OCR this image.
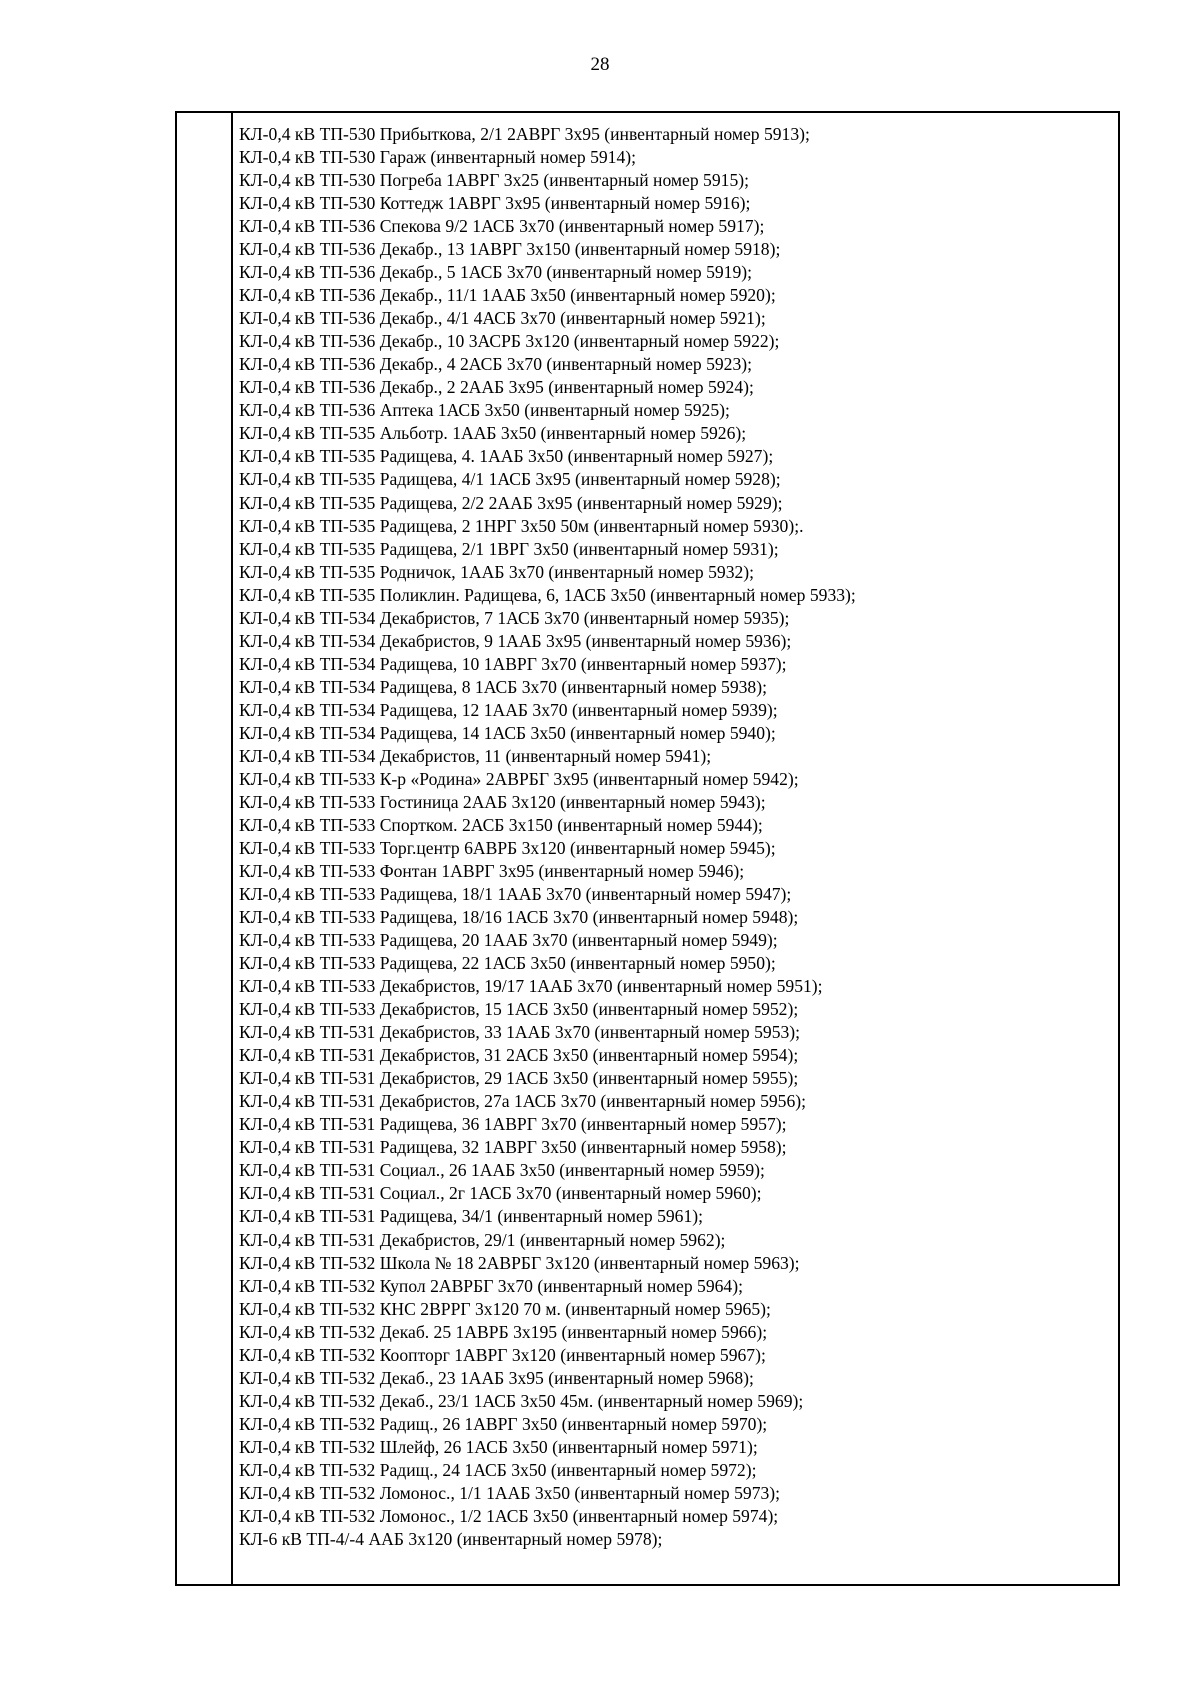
28
КЛ-0,4 кВ ТП-530 Прибыткова, 2/1 2АВРГ 3х95 (инвентарный номер 5913);
КЛ-0,4 кВ ТП-530 Гараж (инвентарный номер 5914);
КЛ-0,4 кВ ТП-530 Погреба 1АВРГ 3х25 (инвентарный номер 5915);
КЛ-0,4 кВ ТП-530 Коттедж 1АВРГ 3х95 (инвентарный номер 5916);
КЛ-0,4 кВ ТП-536 Спекова 9/2 1АСБ 3х70 (инвентарный номер 5917);
КЛ-0,4 кВ ТП-536 Декабр., 13 1АВРГ 3х150 (инвентарный номер 5918);
КЛ-0,4 кВ ТП-536 Декабр., 5 1АСБ 3х70 (инвентарный номер 5919);
КЛ-0,4 кВ ТП-536 Декабр., 11/1 1ААБ 3х50 (инвентарный номер 5920);
КЛ-0,4 кВ ТП-536 Декабр., 4/1 4АСБ 3х70 (инвентарный номер 5921);
КЛ-0,4 кВ ТП-536 Декабр., 10 3АСРБ 3х120 (инвентарный номер 5922);
КЛ-0,4 кВ ТП-536 Декабр., 4 2АСБ 3х70 (инвентарный номер 5923);
КЛ-0,4 кВ ТП-536 Декабр., 2 2ААБ 3х95 (инвентарный номер 5924);
КЛ-0,4 кВ ТП-536 Аптека 1АСБ 3х50 (инвентарный номер 5925);
КЛ-0,4 кВ ТП-535 Альботр. 1ААБ 3х50 (инвентарный номер 5926);
КЛ-0,4 кВ ТП-535 Радищева, 4. 1ААБ 3х50 (инвентарный номер 5927);
КЛ-0,4 кВ ТП-535 Радищева, 4/1 1АСБ 3х95 (инвентарный номер 5928);
КЛ-0,4 кВ ТП-535 Радищева, 2/2 2ААБ 3х95 (инвентарный номер 5929);
КЛ-0,4 кВ ТП-535 Радищева, 2 1НРГ 3х50 50м (инвентарный номер 5930);.
КЛ-0,4 кВ ТП-535 Радищева, 2/1 1ВРГ 3х50 (инвентарный номер 5931);
КЛ-0,4 кВ ТП-535 Родничок, 1ААБ 3х70 (инвентарный номер 5932);
КЛ-0,4 кВ ТП-535 Поликлин. Радищева, 6, 1АСБ 3х50 (инвентарный номер 5933);
КЛ-0,4 кВ ТП-534 Декабристов, 7 1АСБ 3х70 (инвентарный номер 5935);
КЛ-0,4 кВ ТП-534 Декабристов, 9 1ААБ 3х95 (инвентарный номер 5936);
КЛ-0,4 кВ ТП-534 Радищева, 10 1АВРГ 3х70 (инвентарный номер 5937);
КЛ-0,4 кВ ТП-534 Радищева, 8 1АСБ 3х70 (инвентарный номер 5938);
КЛ-0,4 кВ ТП-534 Радищева, 12 1ААБ 3х70 (инвентарный номер 5939);
КЛ-0,4 кВ ТП-534 Радищева, 14 1АСБ 3х50 (инвентарный номер 5940);
КЛ-0,4 кВ ТП-534 Декабристов, 11 (инвентарный номер 5941);
КЛ-0,4 кВ ТП-533 К-р «Родина» 2АВРБГ 3х95 (инвентарный номер 5942);
КЛ-0,4 кВ ТП-533 Гостиница 2ААБ 3х120 (инвентарный номер 5943);
КЛ-0,4 кВ ТП-533 Спортком. 2АСБ 3х150 (инвентарный номер 5944);
КЛ-0,4 кВ ТП-533 Торг.центр 6АВРБ 3х120 (инвентарный номер 5945);
КЛ-0,4 кВ ТП-533 Фонтан 1АВРГ 3х95 (инвентарный номер 5946);
КЛ-0,4 кВ ТП-533 Радищева, 18/1 1ААБ 3х70 (инвентарный номер 5947);
КЛ-0,4 кВ ТП-533 Радищева, 18/16 1АСБ 3х70 (инвентарный номер 5948);
КЛ-0,4 кВ ТП-533 Радищева, 20 1ААБ 3х70 (инвентарный номер 5949);
КЛ-0,4 кВ ТП-533 Радищева, 22 1АСБ 3х50 (инвентарный номер 5950);
КЛ-0,4 кВ ТП-533 Декабристов, 19/17 1ААБ 3х70 (инвентарный номер 5951);
КЛ-0,4 кВ ТП-533 Декабристов, 15 1АСБ 3х50 (инвентарный номер 5952);
КЛ-0,4 кВ ТП-531 Декабристов, 33 1ААБ 3х70 (инвентарный номер 5953);
КЛ-0,4 кВ ТП-531 Декабристов, 31 2АСБ 3х50 (инвентарный номер 5954);
КЛ-0,4 кВ ТП-531 Декабристов, 29 1АСБ 3х50 (инвентарный номер 5955);
КЛ-0,4 кВ ТП-531 Декабристов, 27а 1АСБ 3х70 (инвентарный номер 5956);
КЛ-0,4 кВ ТП-531 Радищева, 36 1АВРГ 3х70 (инвентарный номер 5957);
КЛ-0,4 кВ ТП-531 Радищева, 32 1АВРГ 3х50 (инвентарный номер 5958);
КЛ-0,4 кВ ТП-531 Социал., 26 1ААБ 3х50 (инвентарный номер 5959);
КЛ-0,4 кВ ТП-531 Социал., 2г 1АСБ 3х70 (инвентарный номер 5960);
КЛ-0,4 кВ ТП-531 Радищева, 34/1 (инвентарный номер 5961);
КЛ-0,4 кВ ТП-531 Декабристов, 29/1 (инвентарный номер 5962);
КЛ-0,4 кВ ТП-532 Школа № 18 2АВРБГ 3х120 (инвентарный номер 5963);
КЛ-0,4 кВ ТП-532 Купол 2АВРБГ 3х70 (инвентарный номер 5964);
КЛ-0,4 кВ ТП-532 КНС 2ВРРГ 3х120 70 м. (инвентарный номер 5965);
КЛ-0,4 кВ ТП-532 Декаб. 25 1АВРБ 3х195 (инвентарный номер 5966);
КЛ-0,4 кВ ТП-532 Коопторг 1АВРГ 3х120 (инвентарный номер 5967);
КЛ-0,4 кВ ТП-532 Декаб., 23 1ААБ 3х95 (инвентарный номер 5968);
КЛ-0,4 кВ ТП-532 Декаб., 23/1 1АСБ 3х50 45м. (инвентарный номер 5969);
КЛ-0,4 кВ ТП-532 Радищ., 26 1АВРГ 3х50 (инвентарный номер 5970);
КЛ-0,4 кВ ТП-532 Шлейф, 26 1АСБ 3х50 (инвентарный номер 5971);
КЛ-0,4 кВ ТП-532 Радищ., 24 1АСБ 3х50 (инвентарный номер 5972);
КЛ-0,4 кВ ТП-532 Ломонос., 1/1 1ААБ 3х50 (инвентарный номер 5973);
КЛ-0,4 кВ ТП-532 Ломонос., 1/2 1АСБ 3х50 (инвентарный номер 5974);
КЛ-6 кВ ТП-4/-4 ААБ 3х120 (инвентарный номер 5978);
